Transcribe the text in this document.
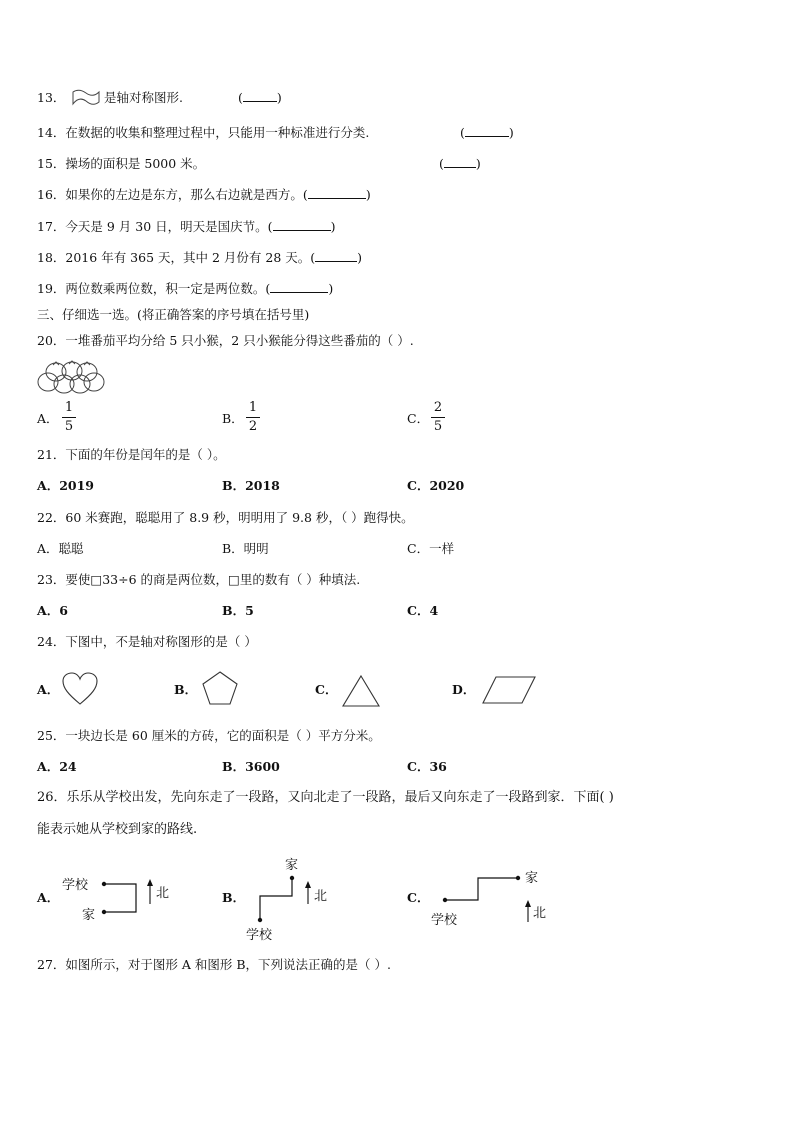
13．	是轴对称图形.	(	)
14．在数据的收集和整理过程中，只能用一种标准进行分类.	(	)
15．操场的面积是 5000 米。	(	)
16．如果你的左边是东方，那么右边就是西方。(	)
17．今天是 9 月 30 日，明天是国庆节。(	)
18．2016 年有 365 天，其中 2 月份有 28 天。(	)
19．两位数乘两位数，积一定是两位数。(	)
三、仔细选一选。(将正确答案的序号填在括号里)
20．一堆番茄平均分给 5 只小猴，2 只小猴能分得这些番茄的（ ）.
A．
1
5
B．
1
2
C．
2
5
21．下面的年份是闰年的是（ ）。
A．2019	B．2018	C．2020
22．60 米赛跑，聪聪用了 8.9 秒，明明用了 9.8 秒，（ ）跑得快。
A．聪聪	B．明明	C．一样
23．要使□33÷6 的商是两位数，□里的数有（ ）种填法.
A．6	B．5	C．4
24．下图中，不是轴对称图形的是（ ）
A．	B．	C．	D．
25．一块边长是 60 厘米的方砖，它的面积是（ ）平方分米。
A．24	B．3600	C．36
26．乐乐从学校出发，先向东走了一段路，又向北走了一段路，最后又向东走了一段路到家．下面( )
能表示她从学校到家的路线.
A．
学校
家
北	B．
家
学校
北	C．
学校
家
北
27．如图所示，对于图形 A 和图形 B，下列说法正确的是（ ）.
